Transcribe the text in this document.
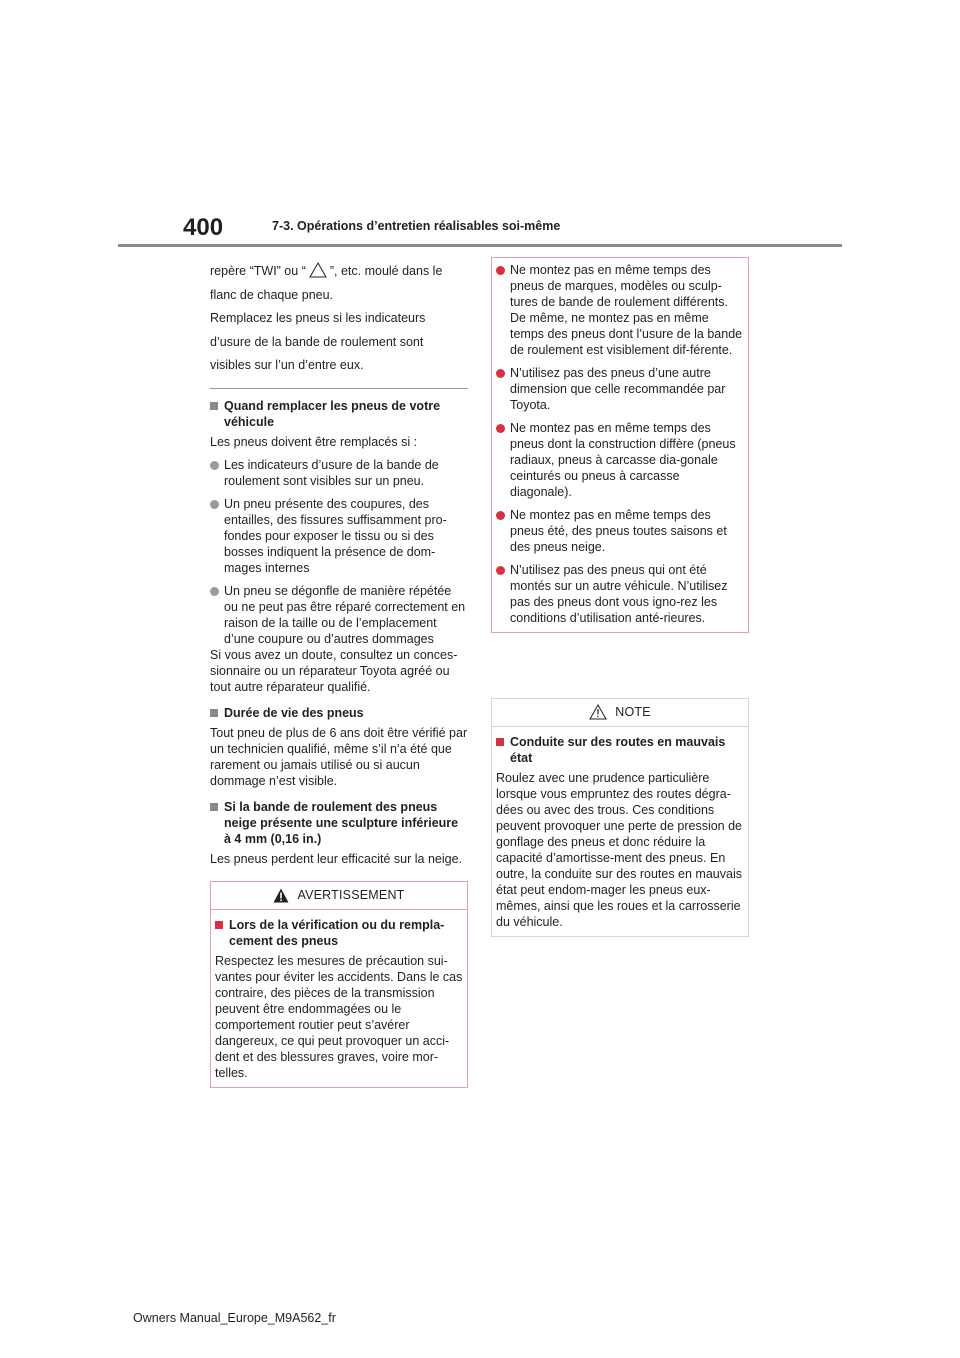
400	7-3. Opérations d’entretien réalisables soi-même

repère “TWI” ou “ ”, etc. moulé dans le

flanc de chaque pneu.

Remplacez les pneus si les indicateurs

d’usure de la bande de roulement sont

visibles sur l’un d’entre eux.

Quand remplacer les pneus de votre véhicule
Les pneus doivent être remplacés si :
Les indicateurs d’usure de la bande de roulement sont visibles sur un pneu.
Un pneu présente des coupures, des entailles, des fissures suffisamment pro-fondes pour exposer le tissu ou si des bosses indiquent la présence de dom-mages internes
Un pneu se dégonfle de manière répétée ou ne peut pas être réparé correctement en raison de la taille ou de l’emplacement d’une coupure ou d’autres dommages
Si vous avez un doute, consultez un conces-sionnaire ou un réparateur Toyota agréé ou tout autre réparateur qualifié.
Durée de vie des pneus
Tout pneu de plus de 6 ans doit être vérifié par un technicien qualifié, même s’il n’a été que rarement ou jamais utilisé ou si aucun dommage n’est visible.
Si la bande de roulement des pneus neige présente une sculpture inférieure à 4 mm (0,16 in.)
Les pneus perdent leur efficacité sur la neige.
AVERTISSEMENT
Lors de la vérification ou du rempla-cement des pneus
Respectez les mesures de précaution sui-vantes pour éviter les accidents. Dans le cas contraire, des pièces de la transmission peuvent être endommagées ou le comportement routier peut s’avérer dangereux, ce qui peut provoquer un acci-dent et des blessures graves, voire mor-telles.
Ne montez pas en même temps des pneus de marques, modèles ou sculp-tures de bande de roulement différents. De même, ne montez pas en même temps des pneus dont l’usure de la bande de roulement est visiblement dif-férente.
N’utilisez pas des pneus d’une autre dimension que celle recommandée par Toyota.
Ne montez pas en même temps des pneus dont la construction diffère (pneus radiaux, pneus à carcasse dia-gonale ceinturés ou pneus à carcasse diagonale).
Ne montez pas en même temps des pneus été, des pneus toutes saisons et des pneus neige.
N’utilisez pas des pneus qui ont été montés sur un autre véhicule. N’utilisez pas des pneus dont vous igno-rez les conditions d’utilisation anté-rieures.
NOTE
Conduite sur des routes en mauvais état
Roulez avec une prudence particulière lorsque vous empruntez des routes dégra-dées ou avec des trous. Ces conditions peuvent provoquer une perte de pression de gonflage des pneus et donc réduire la capacité d’amortisse-ment des pneus. En outre, la conduite sur des routes en mauvais état peut endom-mager les pneus eux-mêmes, ainsi que les roues et la carrosserie du véhicule.
Owners Manual_Europe_M9A562_fr
